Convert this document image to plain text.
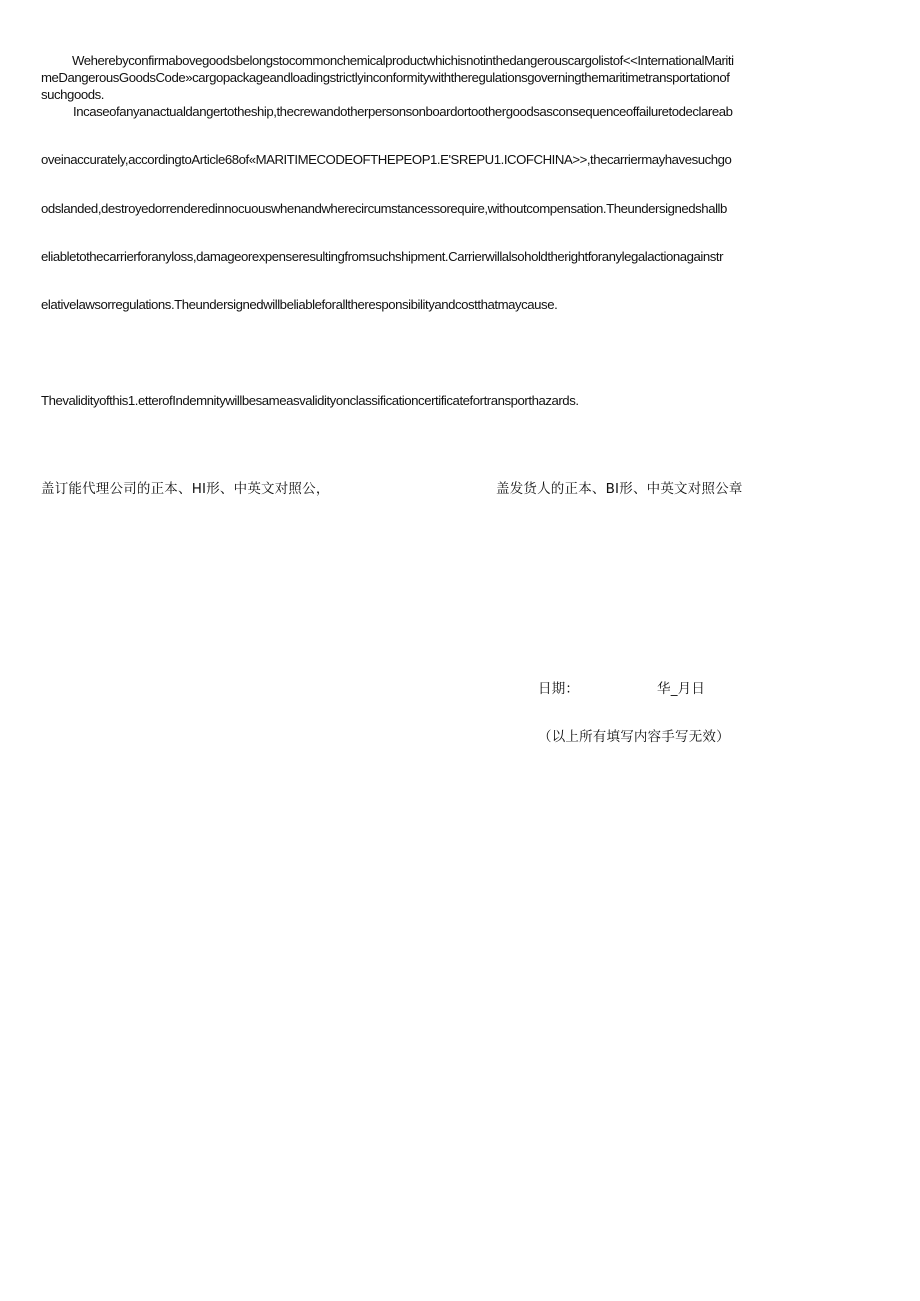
Weherebyconfirmabovegoodsbelongstocommonchemicalproductwhichisnotinthedangerouscargolistof<<InternationalMariti
meDangerousGoodsCode»cargopackageandloadingstrictlyinconformitywiththeregulationsgoverningthemaritimetransportationof
suchgoods.
Incaseofanyanactualdangertotheship,thecrewandotherpersonsonboardortoothergoodsasconsequenceoffailuretodeclareab
oveinaccurately,accordingtoArticle68of«MARITIMECODEOFTHEPEOP1.E'SREPU1.ICOFCHINA>>,thecarriermayhavesuchgo
odslanded,destroyedorrenderedinnocuouswhenandwherecircumstancessorequire,withoutcompensation.Theundersignedshallb
eliabletothecarrierforanyloss,damageorexpenseresultingfromsuchshipment.Carrierwillalsoholdtherightforanylegalactionagainstr
elativelawsorregulations.Theundersignedwillbeliableforalltheresponsibilityandcostthatmaycause.
Thevalidityofthis1.etterofIndemnitywillbesameasvalidityonclassificationcertificatefortransporthazards.
盖订能代理公司的正本、HI形、中英文对照公，	盖发货人的正本、BI形、中英文对照公章
日期：	华_月日
（以上所有填写内容手写无效）
